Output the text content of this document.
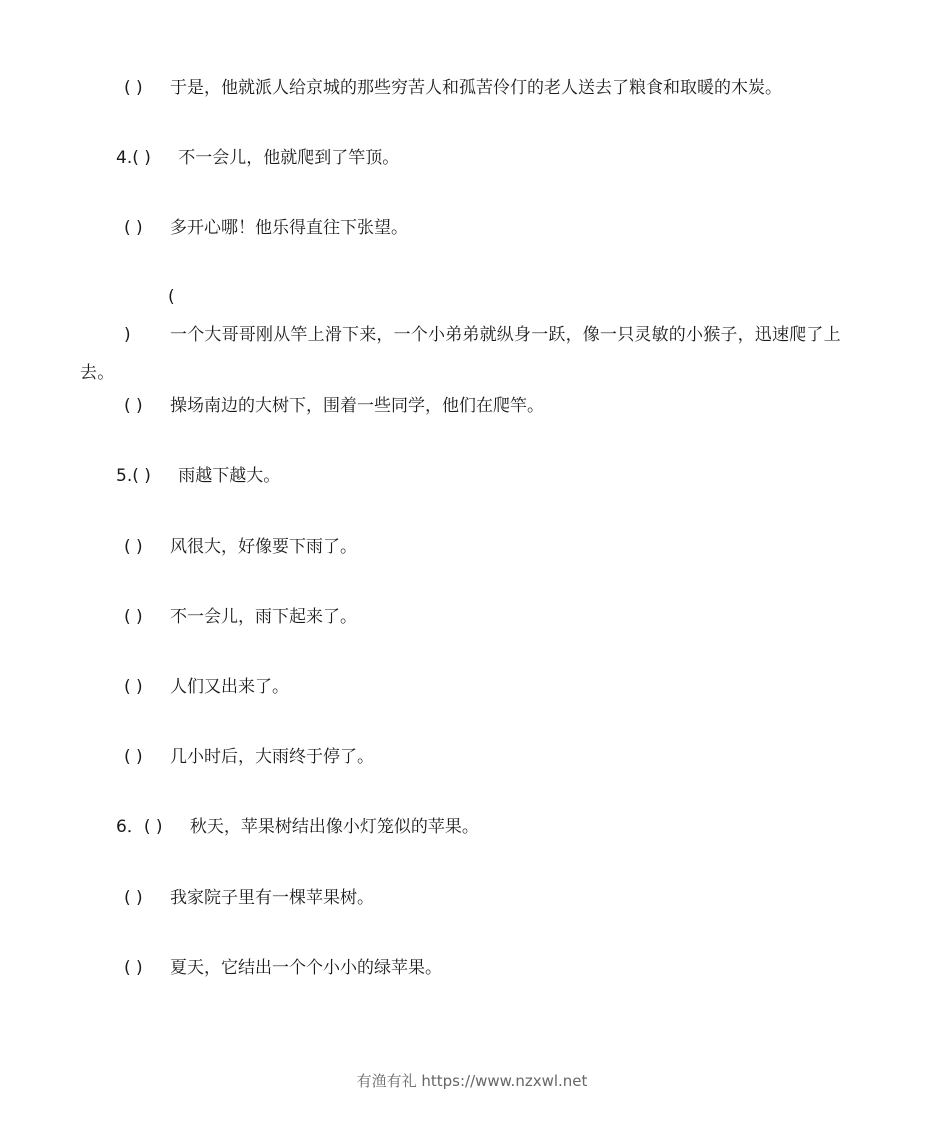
( ) 于是，他就派人给京城的那些穷苦人和孤苦伶仃的老人送去了粮食和取暖的木炭。
4.( ) 不一会儿，他就爬到了竿顶。
( ) 多开心哪！他乐得直往下张望。
( ) 一个大哥哥刚从竿上滑下来，一个小弟弟就纵身一跃，像一只灵敏的小猴子，迅速爬了上去。
( ) 操场南边的大树下，围着一些同学，他们在爬竿。
5.( ) 雨越下越大。
( ) 风很大，好像要下雨了。
( ) 不一会儿，雨下起来了。
( ) 人们又出来了。
( ) 几小时后，大雨终于停了。
6．( ) 秋天，苹果树结出像小灯笼似的苹果。
( ) 我家院子里有一棵苹果树。
( ) 夏天，它结出一个个小小的绿苹果。
有渔有礼 https://www.nzxwl.net
